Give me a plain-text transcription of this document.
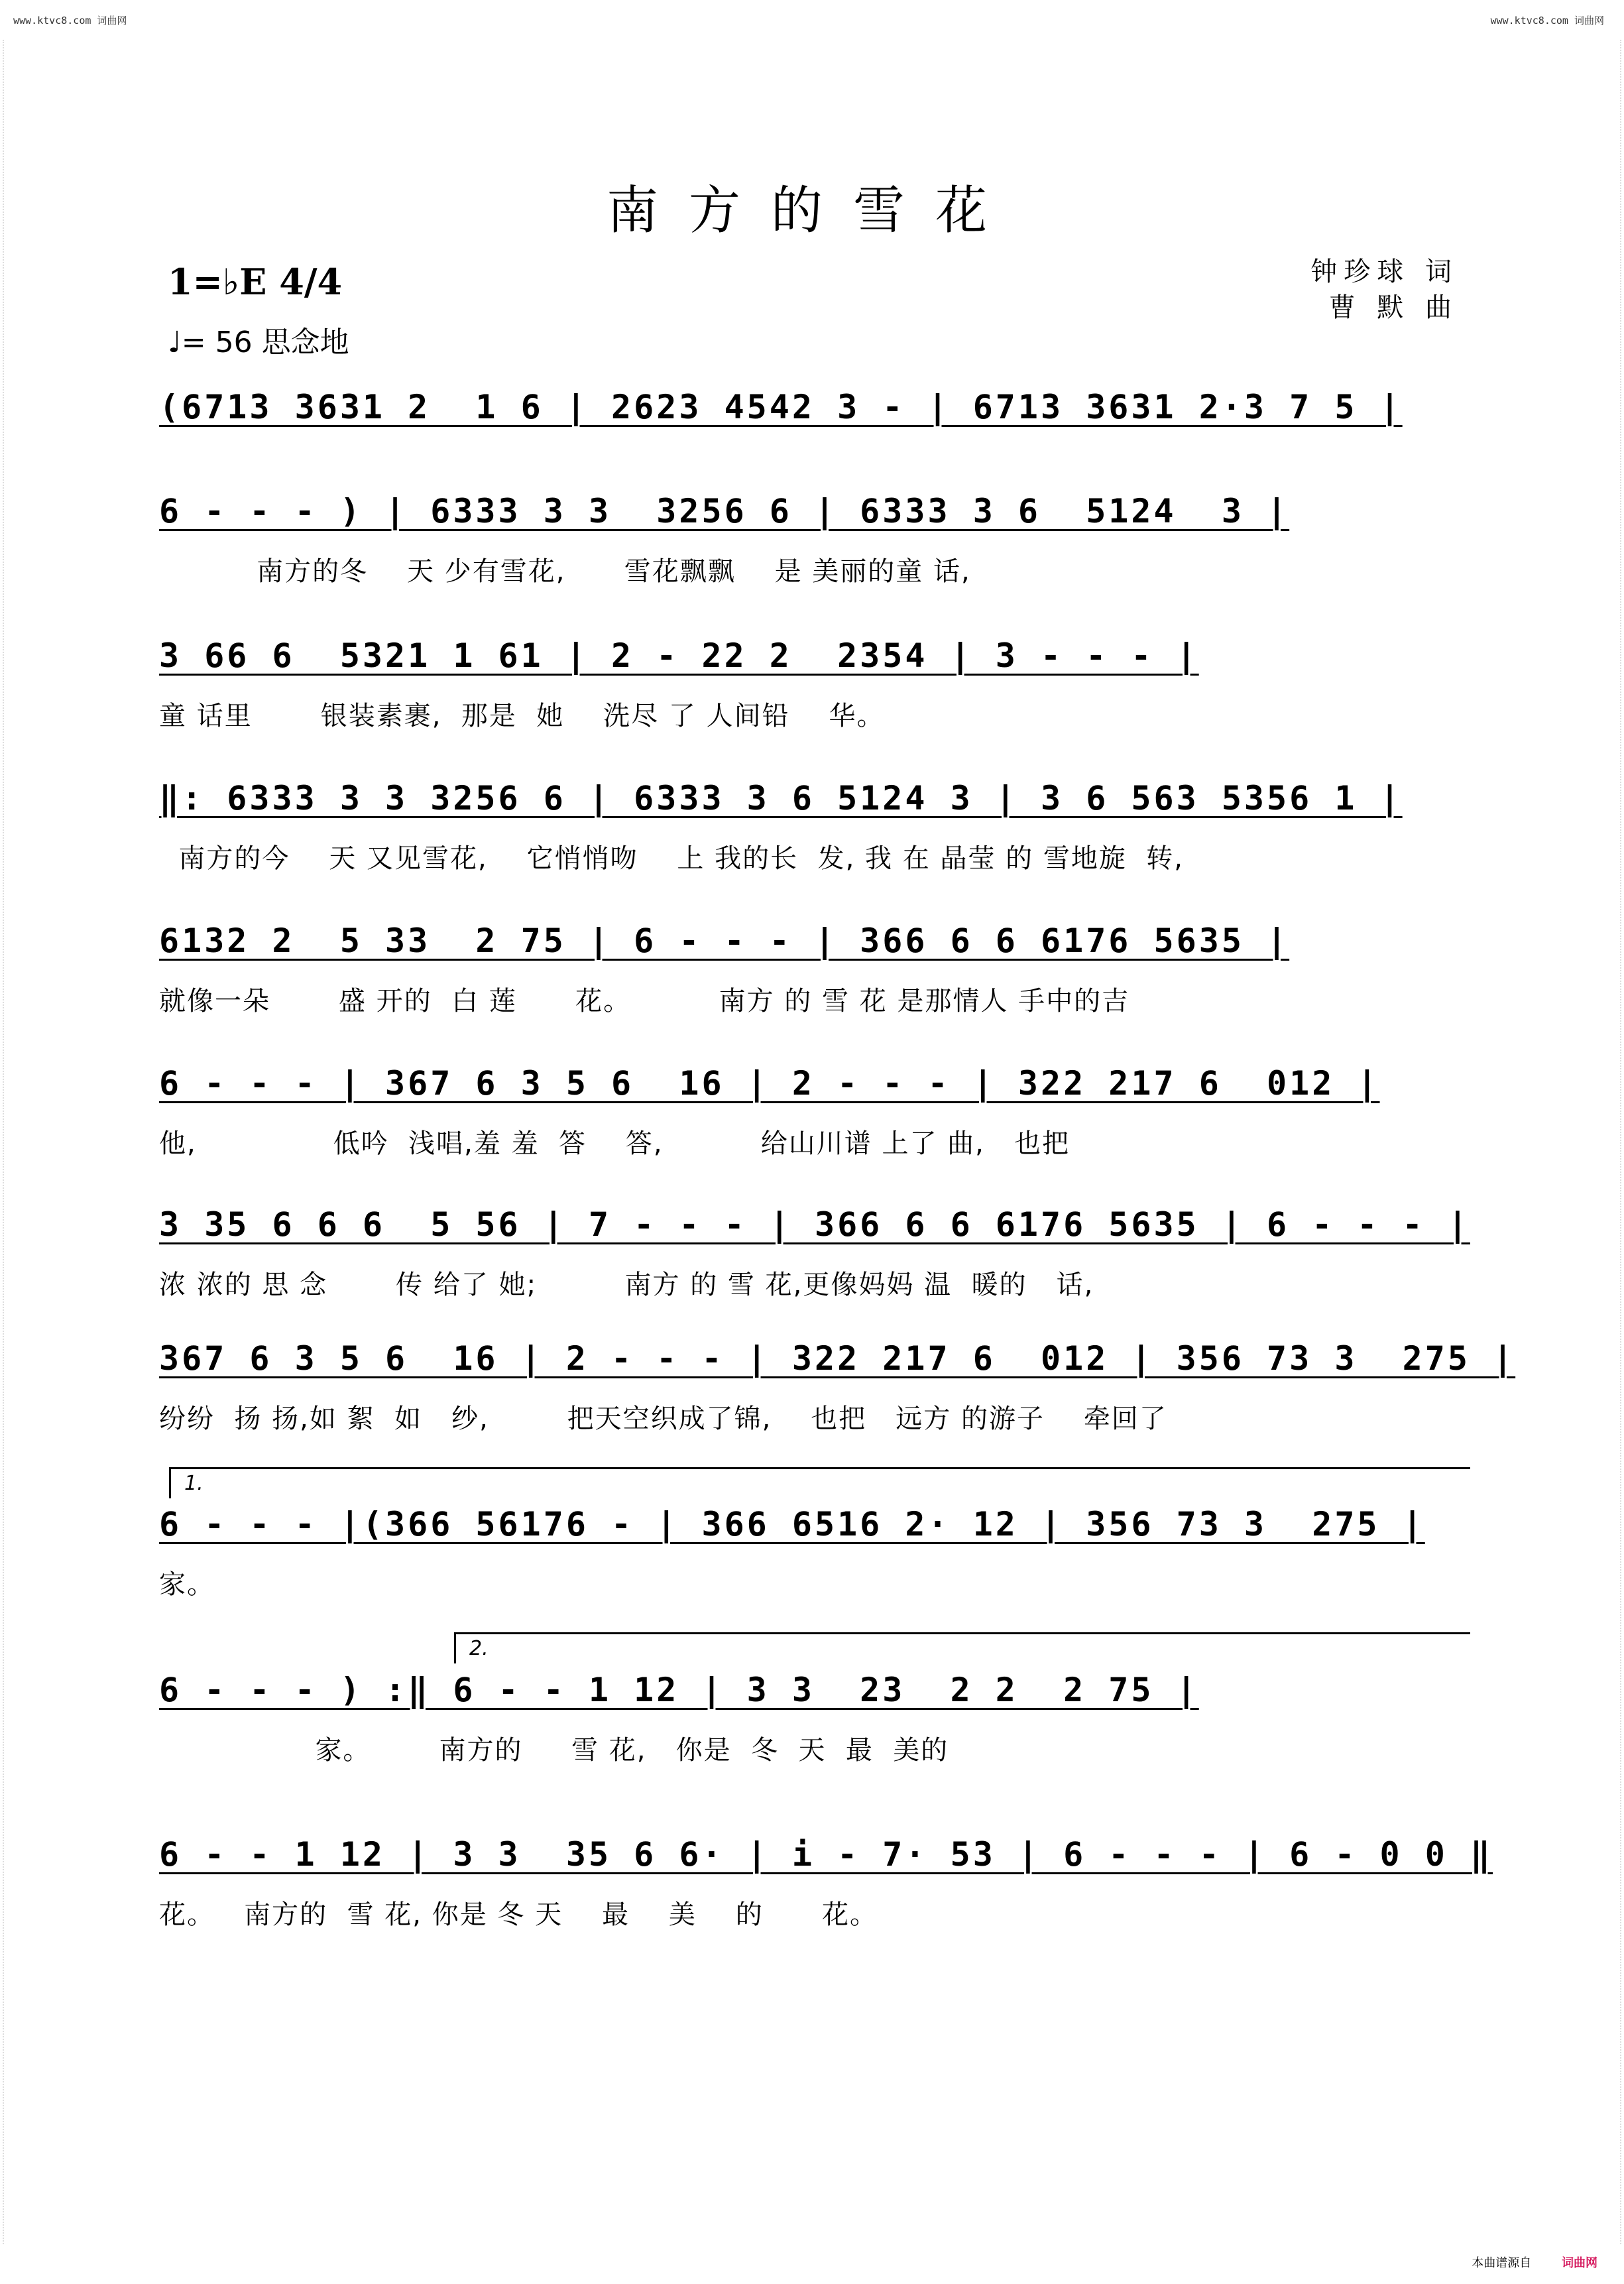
www.ktvc8.com 词曲网	www.ktvc8.com 词曲网
南方的雪花
1=♭E 4/4
♩= 56 思念地
钟珍球 词
曹 默 曲
(6713 3631 2  1 6 | 2623 4542 3 - | 6713 3631 2·3 7 5 |
6 - - - ) | 6333 3 3  3256 6 | 6333 3 6  5124  3 |
南方的冬    天 少有雪花,      雪花飘飘    是 美丽的童 话,
3 66 6  5321 1 61 | 2 - 22 2  2354 | 3 - - - |
童 话里       银装素裹,  那是  她    洗尽 了 人间铅    华。
‖: 6333 3 3 3256 6 | 6333 3 6 5124 3 | 3 6 563 5356 1 |
南方的今    天 又见雪花,    它悄悄吻    上 我的长  发, 我 在 晶莹 的 雪地旋  转,
6132 2  5 33  2 75 | 6 - - - | 366 6 6 6176 5635 |
就像一朵       盛 开的  白 莲      花。         南方 的 雪 花 是那情人 手中的吉
6 - - - | 367 6 3 5 6  16 | 2 - - - | 322 217 6  012 |
他,              低吟  浅唱,羞 羞  答    答,          给山川谱 上了 曲,   也把
3 35 6 6 6  5 56 | 7 - - - | 366 6 6 6176 5635 | 6 - - - |
浓 浓的 思 念       传 给了 她;         南方 的 雪 花,更像妈妈 温  暖的   话,
367 6 3 5 6  16 | 2 - - - | 322 217 6  012 | 356 73 3  275 |
纷纷  扬 扬,如 絮  如   纱,        把天空织成了锦,    也把   远方 的游子    牵回了
1.
6 - - - |(366 56176 - | 366 6516 2· 12 | 356 73 3  275 |
家。
2.
6 - - - ) :‖ 6 - - 1 12 | 3 3  23  2 2  2 75 |
家。       南方的     雪 花,   你是  冬  天  最  美的
6 - - 1 12 | 3 3  35 6 6· | i - 7· 53 | 6 - - - | 6 - 0 0 ‖
花。   南方的  雪 花, 你是 冬 天    最    美    的      花。
本曲谱源自	词曲网
